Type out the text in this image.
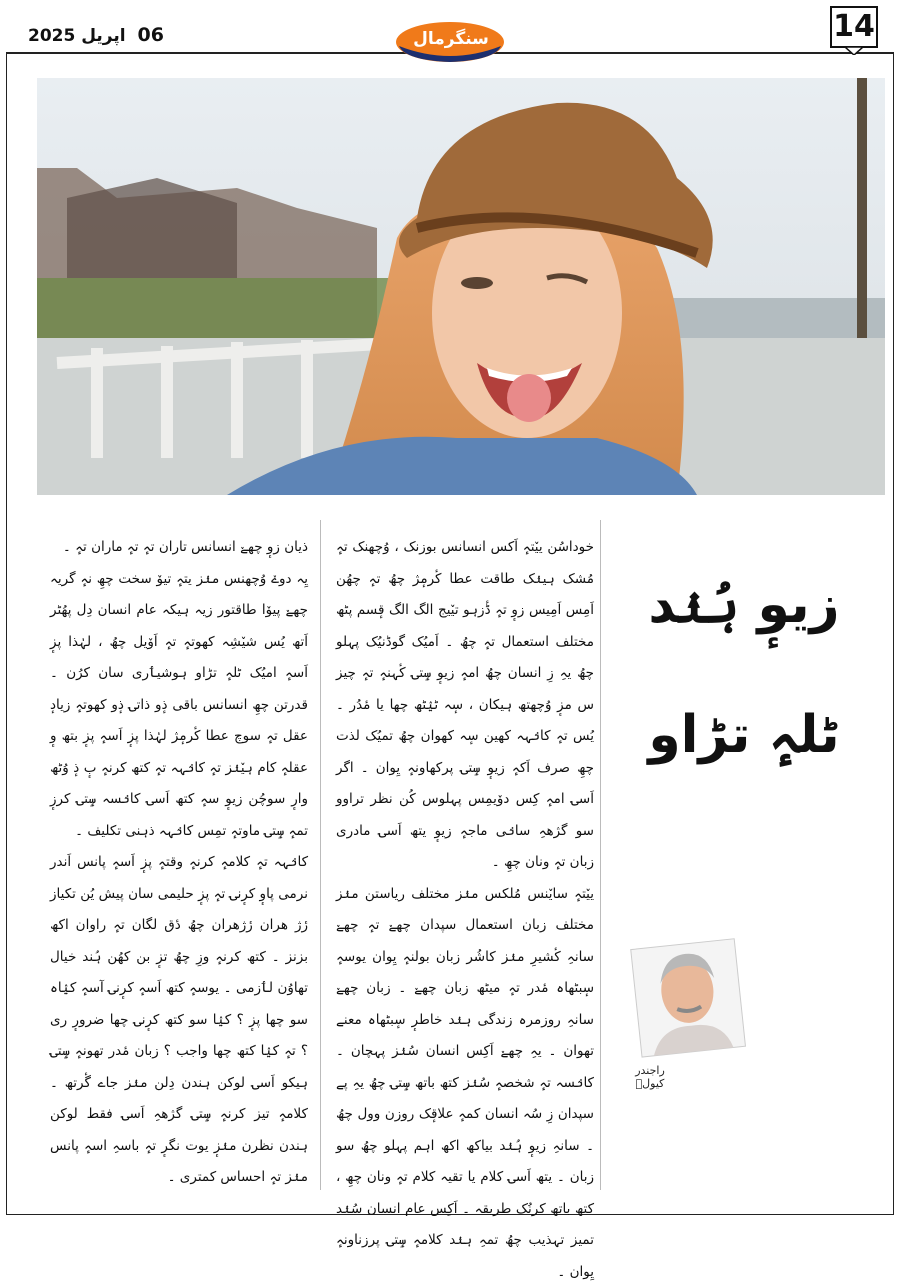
06 اپریل 2025	سنگرمال	14

خوداسُن ییٚتہٕ اَکس انسانس بوزنک ، وُچھنک تہٕ مُشک ہینٛک طاقت عطا کٔرمٕژ چھُ تہٕ چھُن اَمِس اَمِیس زوٕ تہٕ ڈٔزہو تیٚیج الگ الگ قٕسم پٹھ مختلف استعمال تہٕ چھُ ۔ اَمیُک گوڈنیُک پہلو چھُ یہِ زِ انسان چھُ امہٕ زیوٕ سٟتۍ کٔہنہٕ تہٕ چیز س مزٕ وُچھتھ ہیکان ، سٕہ ٹیٛٹھ چھا یا مٔدُر ۔ یُس تہٕ کانٛہہ کھین سٕہ کھوان چھُ تمیُک لذت چھِ صرف اَکہٕ زیوٕ سٟتۍ پرکھاونہٕ یِوان ۔ اگر اَسۍ امہٕ کِس دوٚیمِس پہلوس کُن نظر تراوو سو گژھہِ سانٛی ماجہٕ زیوٕ یتھ اَسۍ مادری زبان تہٕ ونان چھِ ۔

ییٚتہٕ سایٚنس مُلکس منٛز مختلف ریاستن منٛز مختلف زبان استعمال سپدان چھےٚ تہٕ چھےٚ سانہِ کٔشیرِ منٛز کاشُر زبان بولنہٕ یِوان یوسہٕ سٕبٹھاہ مٔدر تہٕ میٹھ زبان چھےٚ ۔ زبان چھےٚ سانہِ روزمرہ زندگی ہنٛد خاطرٕ سٕبٹھاہ معنے تھوان ۔ یہِ چھےٚ اَکِس انسان سُنٛز پہچان ۔ کانٛسہ تہٕ شخصہٕ سُنٛز کتھ باتھ سٟتۍ چھُ یہِ پے سپدان زِ سُہ انسان کمہٕ علاقٕک روزن وول چھُ ۔ سانہِ زیوٕ ہُنٛد بیاکھ اکھ اہم پہلو چھُ سو زبان ۔ یتھ اَسۍ کلام یا تقیہ کلام تہٕ ونان چھِ ، کتھ باتھ کرنُک طریقہ ۔ اَکِس عام انسان سُنٛد تمیز تہذیب چھُ تمہِ ہنٛد کلامہٕ سٟتۍ پرزناونہٕ یِوان ۔

ذیان زوٕ چھےٚ انسانس تاران تہٕ تہٕ ماران تہٕ ۔

یِہ دوےٚ وُچھنس منٛز یتہٕ تیوٚ سخت چھِ نہٕ گریہ چھےٚ پیوٚا طاقتور زیہ ہیکہ عام انسان دِل پھُٹر اَتھ یُس شیٚشِہ کھوتہٕ تہٕ اَوٚیل چھُ ، لہٰذا پزٕ اَسہٕ امیُک ٹلہٕ تڑاو ہوشیٲری سان کرُن ۔ قدرتن چھِ انسانس باقی ذٕو ذاتۍ ذٕو کھوتہٕ زیادٕ عقل تہٕ سوچ عطا کٔرمٕژ لہٰذا پزٕ اَسہٕ پزٕ بتھ وٕ عقلہٕ کام ہیٚنٛز تہٕ کانٛہہ تہٕ کتھ کرنہٕ بٕ ذٕ وُٹھ وارٕ سوچُن زیوٕ سہٕ کتھ اَسۍ کانٛسہ سٟتۍ کرزٕ تمہٕ سٟتۍ ماوتہٕ تمِس کانٛہہ ذہنی تکلیف ۔

کانٛہہ تہٕ کلامہٕ کرنہٕ وقتہٕ پزٕ اَسہٕ پانس اَندر نرمی پاوٕ کرٕنۍ تہٕ پزٕ حلیمی سان پیش یُن تکیاز رٔژ ھران رٔژھران چھُ دٔق لگان تہٕ راوان اکھ بزنز ۔ کتھ کرنہٕ وزِ چھُ تزٕ بن کھُن ہُند خیال تھاوُن لٲزمی ۔ یوسہٕ کتھ اَسہٕ کرٕنۍ آسہٕ کیٛاہ سو چھا پزٕ ؟ کیٛا سو کتھ کرٕنۍ چھا ضرورٕ ری ؟ تہٕ کیٛا کتھ چھا واجب ؟ زبان مٔدر تھونہٕ سٟتۍ ہیکو اَسۍ لوکن ہندن دِلن منٛز جاے گٔرتھ ۔ کلامہٕ تیز کرنہٕ سٟتۍ گژھہِ اَسۍ فقط لوکن ہندن نظرن منٛزٕ یوت نگرٕ تہٕ باسہِ اسہٕ پانس منٛز تہٕ احساس کمتری ۔

زیوٕ ہُنٛد
ٹلہٕ تڑاو
راجندر کیولؔ
